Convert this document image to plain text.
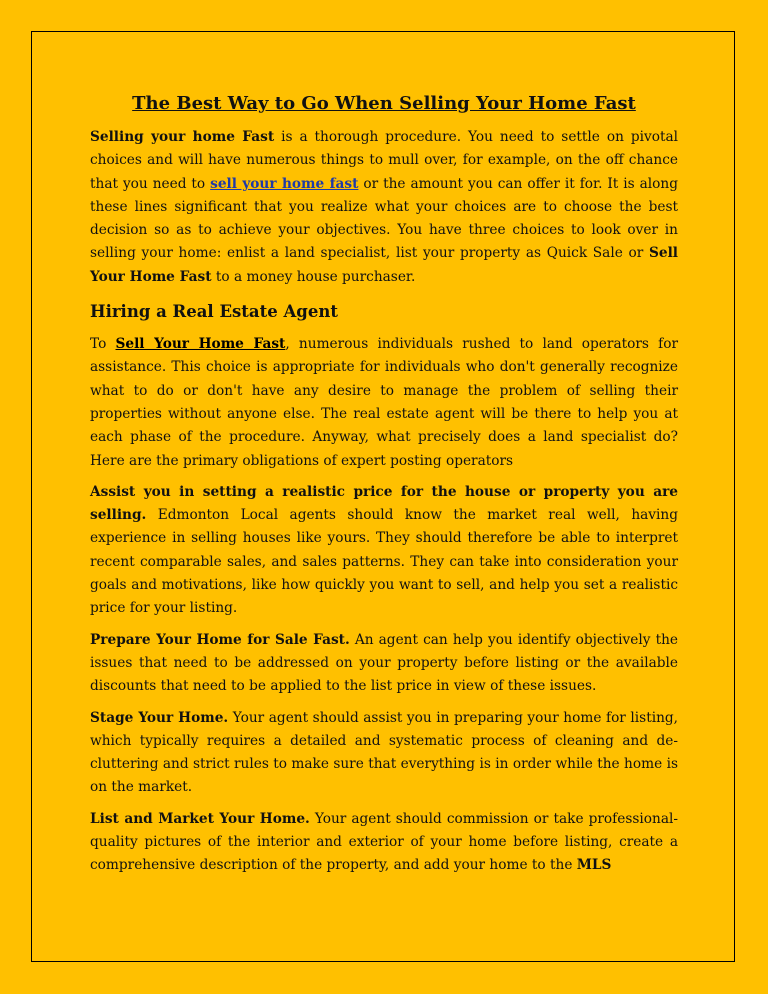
The Best Way to Go When Selling Your Home Fast

Selling your home Fast is a thorough procedure. You need to settle on pivotal choices and will have numerous things to mull over, for example, on the off chance that you need to sell your home fast or the amount you can offer it for. It is along these lines significant that you realize what your choices are to choose the best decision so as to achieve your objectives. You have three choices to look over in selling your home: enlist a land specialist, list your property as Quick Sale or Sell Your Home Fast to a money house purchaser.

Hiring a Real Estate Agent

To Sell Your Home Fast, numerous individuals rushed to land operators for assistance. This choice is appropriate for individuals who don't generally recognize what to do or don't have any desire to manage the problem of selling their properties without anyone else. The real estate agent will be there to help you at each phase of the procedure. Anyway, what precisely does a land specialist do? Here are the primary obligations of expert posting operators

Assist you in setting a realistic price for the house or property you are selling. Edmonton Local agents should know the market real well, having experience in selling houses like yours. They should therefore be able to interpret recent comparable sales, and sales patterns. They can take into consideration your goals and motivations, like how quickly you want to sell, and help you set a realistic price for your listing.

Prepare Your Home for Sale Fast. An agent can help you identify objectively the issues that need to be addressed on your property before listing or the available discounts that need to be applied to the list price in view of these issues.

Stage Your Home. Your agent should assist you in preparing your home for listing, which typically requires a detailed and systematic process of cleaning and de-cluttering and strict rules to make sure that everything is in order while the home is on the market.

List and Market Your Home. Your agent should commission or take professional-quality pictures of the interior and exterior of your home before listing, create a comprehensive description of the property, and add your home to the MLS
